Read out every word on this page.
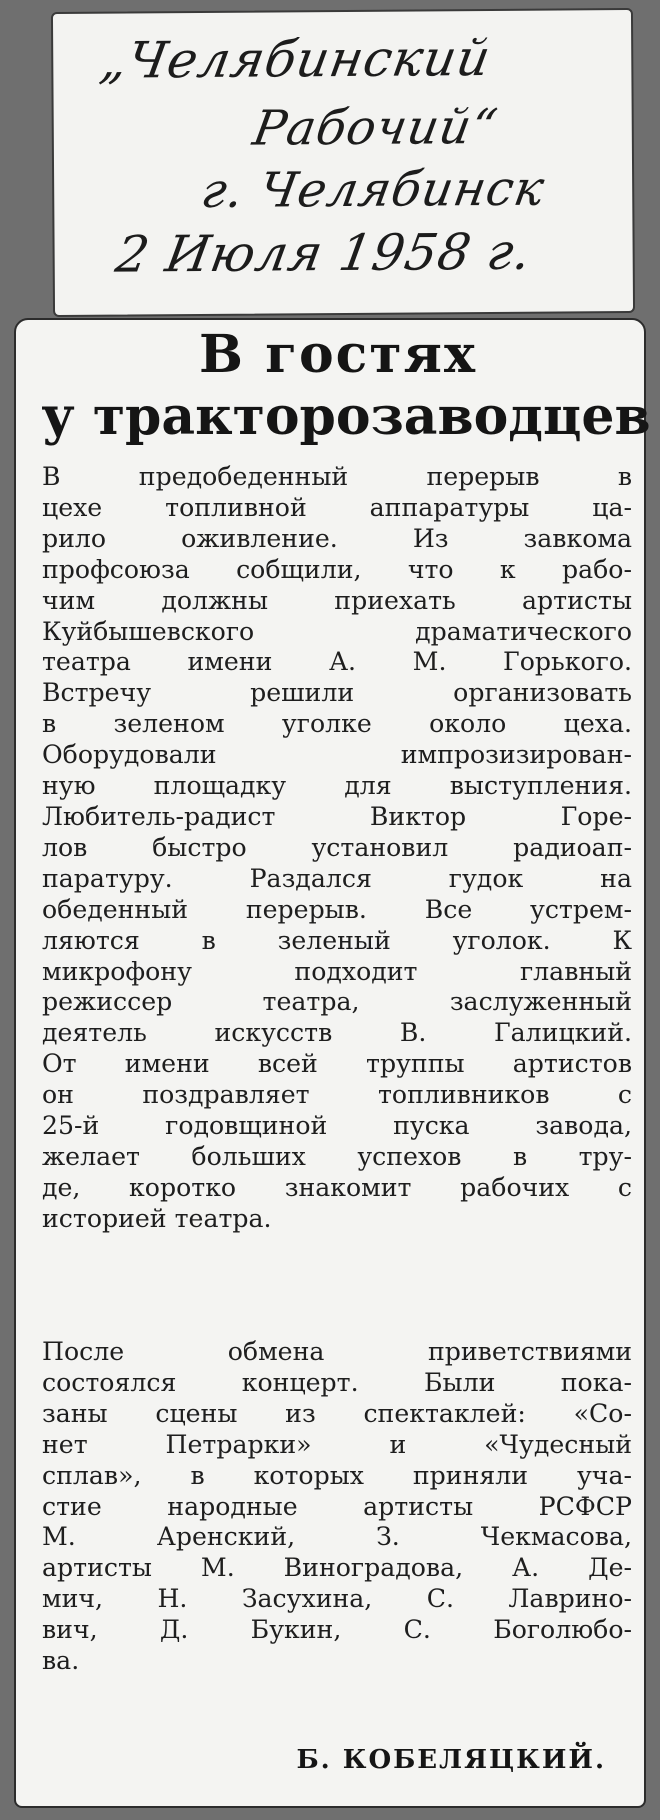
„Челябинский
Рабочий“
г. Челябинск
2 Июля 1958 г.
В гостях
у тракторозаводцев
В предобеденный перерыв в
цехе топливной аппаратуры ца-
рило оживление. Из завкома
профсоюза собщили, что к рабо-
чим должны приехать артисты
Куйбышевского драматического
театра имени А. М. Горького.
Встречу решили организовать
в зеленом уголке около цеха.
Оборудовали импрозизирован-
ную площадку для выступления.
Любитель-радист Виктор Горе-
лов быстро установил радиоап-
паратуру. Раздался гудок на
обеденный перерыв. Все устрем-
ляются в зеленый уголок. К
микрофону подходит главный
режиссер театра, заслуженный
деятель искусств В. Галицкий.
От имени всей труппы артистов
он поздравляет топливников с
25-й годовщиной пуска завода,
желает больших успехов в тру-
де, коротко знакомит рабочих с
историей театра.
После обмена приветствиями
состоялся концерт. Были пока-
заны сцены из спектаклей: «Со-
нет Петрарки» и «Чудесный
сплав», в которых приняли уча-
стие народные артисты РСФСР
М. Аренский, З. Чекмасова,
артисты М. Виноградова, А. Де-
мич, Н. Засухина, С. Лаврино-
вич, Д. Букин, С. Боголюбо-
ва.
Б. КОБЕЛЯЦКИЙ.
